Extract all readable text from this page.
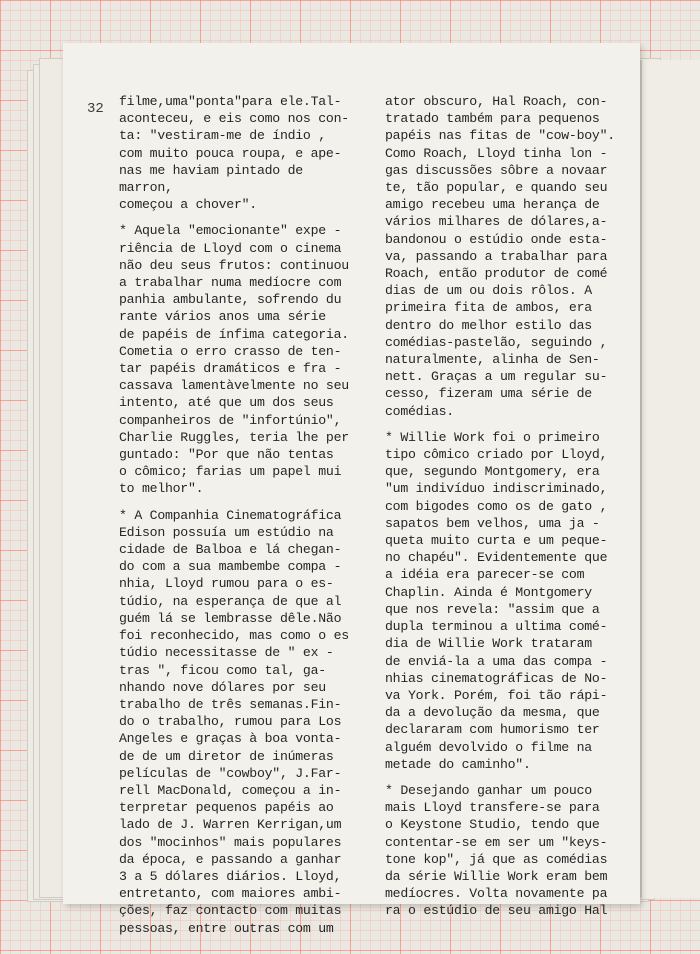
32 filme,uma"ponta"para ele.Tal-
aconteceu, e eis como nos con-
ta: "vestiram-me de índio ,
com muito pouca roupa, e ape-
nas me haviam pintado de marron,
começou a chover".

* Aquela "emocionante" expe -
riência de Lloyd com o cinema
não deu seus frutos: continuou
a trabalhar numa medíocre com
panhia ambulante, sofrendo du
rante vários anos uma série
de papéis de ínfima categoria.
Cometia o erro crasso de ten-
tar papéis dramáticos e fra -
cassava lamentàvelmente no seu
intento, até que um dos seus
companheiros de "infortúnio",
Charlie Ruggles, teria lhe per
guntado: "Por que não tentas
o cômico; farias um papel mui
to melhor".

* A Companhia Cinematográfica
Edison possuía um estúdio na
cidade de Balboa e lá chegan-
do com a sua mambembe compa -
nhia, Lloyd rumou para o es-
túdio, na esperança de que al
guém lá se lembrasse dêle.Não
foi reconhecido, mas como o es
túdio necessitasse de " ex -
tras ", ficou como tal, ga-
nhando nove dólares por seu
trabalho de três semanas.Fin-
do o trabalho, rumou para Los
Angeles e graças à boa vonta-
de de um diretor de inúmeras
películas de "cowboy", J.Far-
rell MacDonald, começou a in-
terpretar pequenos papéis ao
lado de J. Warren Kerrigan,um
dos "mocinhos" mais populares
da época, e passando a ganhar
3 a 5 dólares diários. Lloyd,
entretanto, com maiores ambi-
ções, faz contacto com muitas
pessoas, entre outras com um

ator obscuro, Hal Roach, con-
tratado também para pequenos
papéis nas fitas de "cow-boy".
Como Roach, Lloyd tinha lon -
gas discussões sôbre a novaar
te, tão popular, e quando seu
amigo recebeu uma herança de
vários milhares de dólares,a-
bandonou o estúdio onde esta-
va, passando a trabalhar para
Roach, então produtor de comé
dias de um ou dois rôlos. A
primeira fita de ambos, era
dentro do melhor estilo das
comédias-pastelão, seguindo ,
naturalmente, alinha de Sen-
nett. Graças a um regular su-
cesso, fizeram uma série de
comédias.

* Willie Work foi o primeiro
tipo cômico criado por Lloyd,
que, segundo Montgomery, era
"um indivíduo indiscriminado,
com bigodes como os de gato ,
sapatos bem velhos, uma ja -
queta muito curta e um peque-
no chapéu". Evidentemente que
a idéia era parecer-se com
Chaplin. Ainda é Montgomery
que nos revela: "assim que a
dupla terminou a ultima comé-
dia de Willie Work trataram
de enviá-la a uma das compa -
nhias cinematográficas de No-
va York. Porém, foi tão rápi-
da a devolução da mesma, que
declararam com humorismo ter
alguém devolvido o filme na
metade do caminho".

* Desejando ganhar um pouco
mais Lloyd transfere-se para
o Keystone Studio, tendo que
contentar-se em ser um "keys-
tone kop", já que as comédias
da série Willie Work eram bem
medíocres. Volta novamente pa
ra o estúdio de seu amigo Hal
